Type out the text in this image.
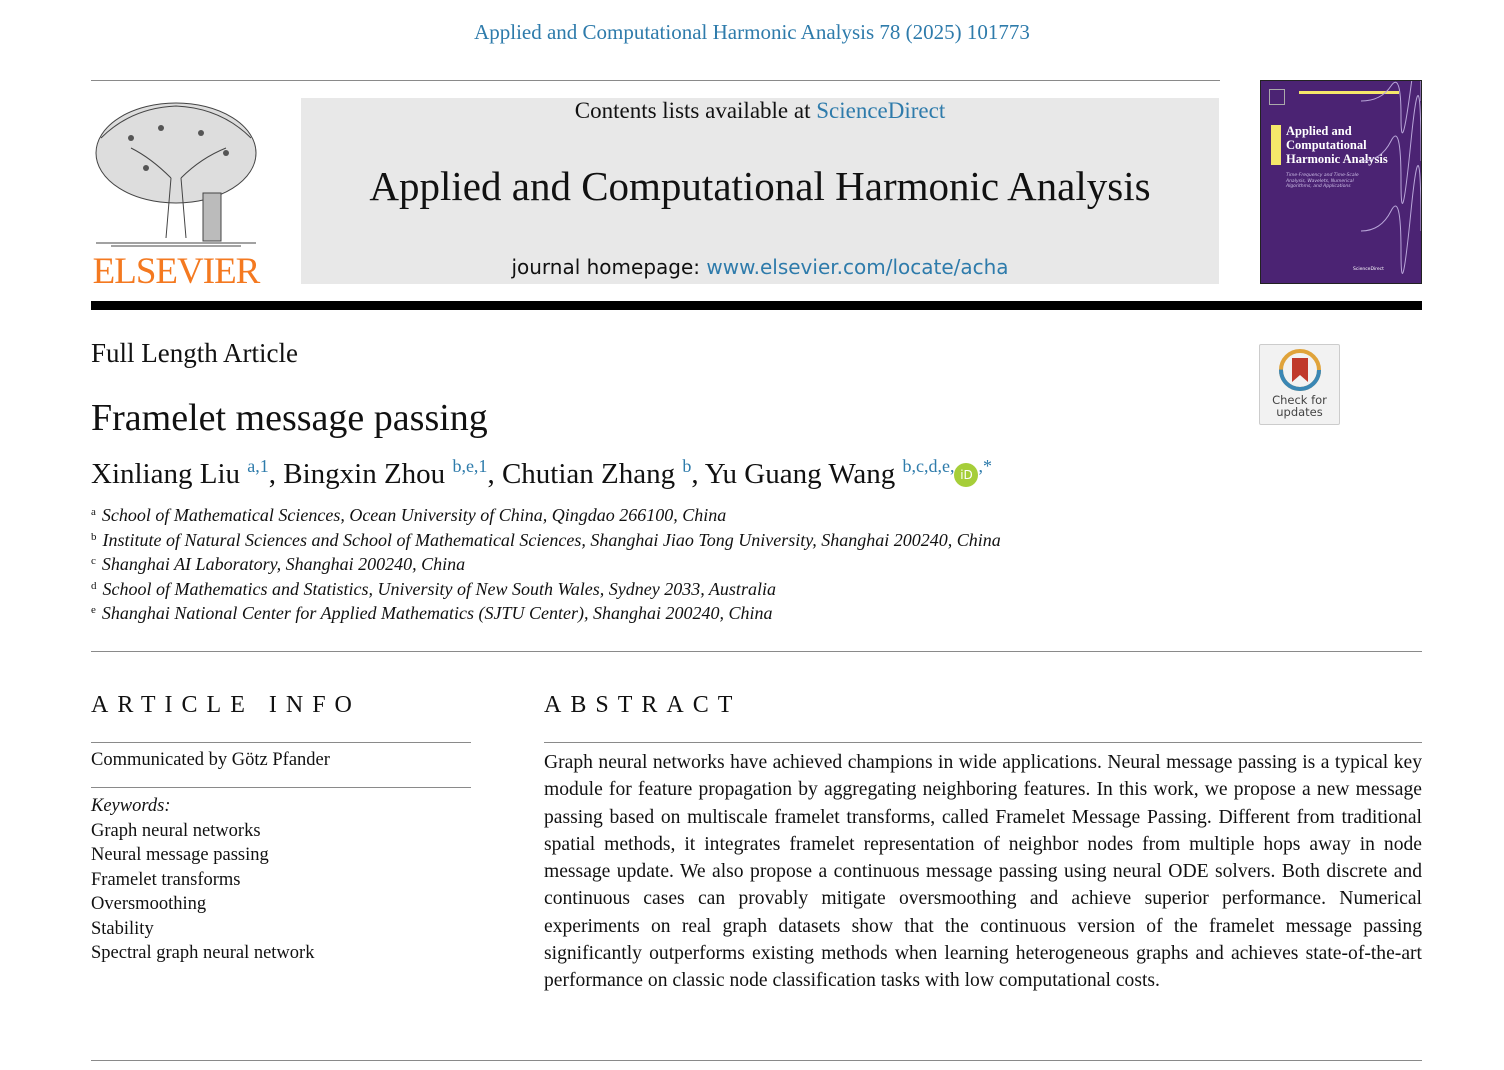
Applied and Computational Harmonic Analysis 78 (2025) 101773
ELSEVIER
Contents lists available at ScienceDirect
Applied and Computational Harmonic Analysis
journal homepage: www.elsevier.com/locate/acha
Applied and
Computational
Harmonic Analysis
Time-Frequency and Time-Scale Analysis, Wavelets, Numerical Algorithms, and Applications
ScienceDirect
Full Length Article
Check for
updates
Framelet message passing
Xinliang Liu $^{a,1}$, Bingxin Zhou $^{b,e,1}$, Chutian Zhang $^b$, Yu Guang Wang $^{b,c,d,e,}$ iD ,*
$^a$ School of Mathematical Sciences, Ocean University of China, Qingdao 266100, China
$^b$ Institute of Natural Sciences and School of Mathematical Sciences, Shanghai Jiao Tong University, Shanghai 200240, China
$^c$ Shanghai AI Laboratory, Shanghai 200240, China
$^d$ School of Mathematics and Statistics, University of New South Wales, Sydney 2033, Australia
$^e$ Shanghai National Center for Applied Mathematics (SJTU Center), Shanghai 200240, China
ARTICLE INFO	ABSTRACT
Communicated by Götz Pfander
Keywords:
Graph neural networks
Neural message passing
Framelet transforms
Oversmoothing
Stability
Spectral graph neural network
Graph neural networks have achieved champions in wide applications. Neural message passing is a typical key module for feature propagation by aggregating neighboring features. In this work, we propose a new message passing based on multiscale framelet transforms, called Framelet Message Passing. Different from traditional spatial methods, it integrates framelet representation of neighbor nodes from multiple hops away in node message update. We also propose a continuous message passing using neural ODE solvers. Both discrete and continuous cases can provably mitigate oversmoothing and achieve superior performance. Numerical experiments on real graph datasets show that the continuous version of the framelet message passing significantly outperforms existing methods when learning heterogeneous graphs and achieves state-of-the-art performance on classic node classification tasks with low computational costs.
